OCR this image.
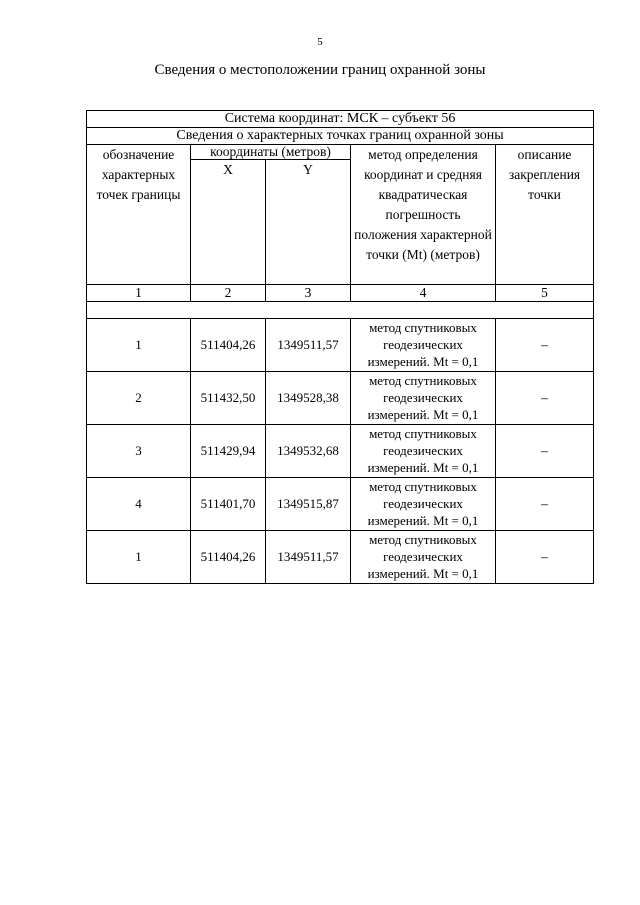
5
Сведения о местоположении границ охранной зоны
Система координат: МСК – субъект 56				
Сведения о характерных точках границ охранной зоны				
обозначение характерных точек границы	координаты (метров)		метод определения координат и средняя квадратическая погрешность положения характерной точки (Mt) (метров)	описание закрепления точки
	X	Y		
1	2	3	4	5

1	511404,26	1349511,57	метод спутниковых геодезических измерений. Mt = 0,1	–
2	511432,50	1349528,38	метод спутниковых геодезических измерений. Mt = 0,1	–
3	511429,94	1349532,68	метод спутниковых геодезических измерений. Mt = 0,1	–
4	511401,70	1349515,87	метод спутниковых геодезических измерений. Mt = 0,1	–
1	511404,26	1349511,57	метод спутниковых геодезических измерений. Mt = 0,1	–
